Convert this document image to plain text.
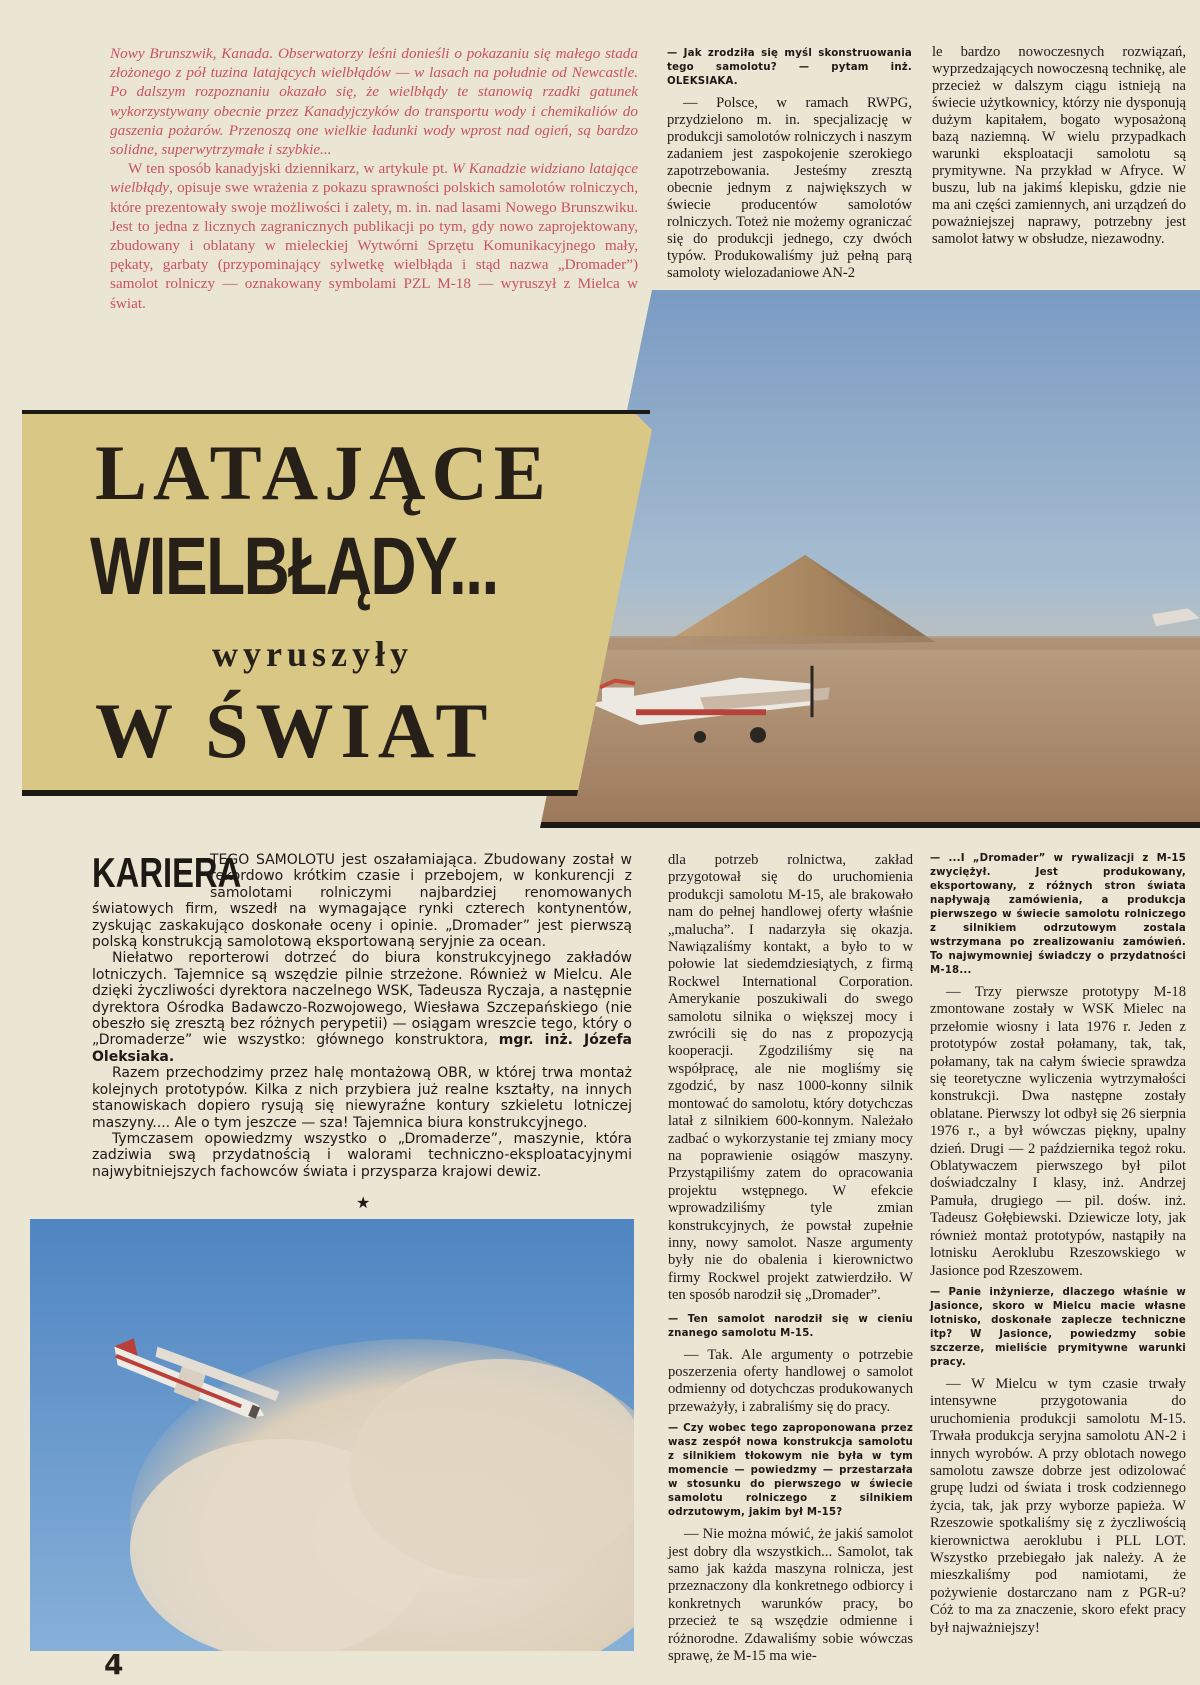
Nowy Brunszwik, Kanada. Obserwatorzy leśni donieśli o pokazaniu się małego stada złożonego z pół tuzina latających wielbłądów — w lasach na południe od Newcastle. Po dalszym rozpoznaniu okazało się, że wielbłądy te stanowią rzadki gatunek wykorzystywany obecnie przez Kanadyjczyków do transportu wody i chemikaliów do gaszenia pożarów. Przenoszą one wielkie ładunki wody wprost nad ogień, są bardzo solidne, superwytrzymałe i szybkie...

W ten sposób kanadyjski dziennikarz, w artykule pt. W Kanadzie widziano latające wielbłądy, opisuje swe wrażenia z pokazu sprawności polskich samolotów rolniczych, które prezentowały swoje możliwości i zalety, m. in. nad lasami Nowego Brunszwiku. Jest to jedna z licznych zagranicznych publikacji po tym, gdy nowo zaprojektowany, zbudowany i oblatany w mieleckiej Wytwórni Sprzętu Komunikacyjnego mały, pękaty, garbaty (przypominający sylwetkę wielbłąda i stąd nazwa „Dromader”) samolot rolniczy — oznakowany symbolami PZL M-18 — wyruszył z Mielca w świat.

— Jak zrodziła się myśl skonstruowania tego samolotu? — pytam inż. OLEKSIAKA.

— Polsce, w ramach RWPG, przydzielono m. in. specjalizację w produkcji samolotów rolniczych i naszym zadaniem jest zaspokojenie szerokiego zapotrzebowania. Jesteśmy zresztą obecnie jednym z największych w świecie producentów samolotów rolniczych. Toteż nie możemy ograniczać się do produkcji jednego, czy dwóch typów. Produkowaliśmy już pełną parą samoloty wielozadaniowe AN-2

le bardzo nowoczesnych rozwiązań, wyprzedzających nowoczesną technikę, ale przecież w dalszym ciągu istnieją na świecie użytkownicy, którzy nie dysponują dużym kapitałem, bogato wyposażoną bazą naziemną. W wielu przypadkach warunki eksploatacji samolotu są prymitywne. Na przykład w Afryce. W buszu, lub na jakimś klepisku, gdzie nie ma ani części zamiennych, ani urządzeń do poważniejszej naprawy, potrzebny jest samolot łatwy w obsłudze, niezawodny.

LATAJĄCE
WIELBŁĄDY...
wyruszyły
W ŚWIAT
KARIERA

TEGO SAMOLOTU jest oszałamiająca. Zbudowany został w rekordowo krótkim czasie i przebojem, w konkurencji z samolotami rolniczymi najbardziej renomowanych światowych firm, wszedł na wymagające rynki czterech kontynentów, zyskując zaskakująco doskonałe oceny i opinie. „Dromader” jest pierwszą polską konstrukcją samolotową eksportowaną seryjnie za ocean.

Niełatwo reporterowi dotrzeć do biura konstrukcyjnego zakładów lotniczych. Tajemnice są wszędzie pilnie strzeżone. Również w Mielcu. Ale dzięki życzliwości dyrektora naczelnego WSK, Tadeusza Ryczaja, a następnie dyrektora Ośrodka Badawczo-Rozwojowego, Wiesława Szczepańskiego (nie obeszło się zresztą bez różnych perypetii) — osiągam wreszcie tego, który o „Dromaderze” wie wszystko: głównego konstruktora, mgr. inż. Józefa Oleksiaka.

Razem przechodzimy przez halę montażową OBR, w której trwa montaż kolejnych prototypów. Kilka z nich przybiera już realne kształty, na innych stanowiskach dopiero rysują się niewyraźne kontury szkieletu lotniczej maszyny.... Ale o tym jeszcze — sza! Tajemnica biura konstrukcyjnego.

Tymczasem opowiedzmy wszystko o „Dromaderze”, maszynie, która zadziwia swą przydatnością i walorami techniczno-eksploatacyjnymi najwybitniejszych fachowców świata i przysparza krajowi dewiz.

★

dla potrzeb rolnictwa, zakład przygotował się do uruchomienia produkcji samolotu M-15, ale brakowało nam do pełnej handlowej oferty właśnie „malucha”. I nadarzyła się okazja. Nawiązaliśmy kontakt, a było to w połowie lat siedemdziesiątych, z firmą Rockwel International Corporation. Amerykanie poszukiwali do swego samolotu silnika o większej mocy i zwrócili się do nas z propozycją kooperacji. Zgodziliśmy się na współpracę, ale nie mogliśmy się zgodzić, by nasz 1000-konny silnik montować do samolotu, który dotychczas latał z silnikiem 600-konnym. Należało zadbać o wykorzystanie tej zmiany mocy na poprawienie osiągów maszyny. Przystąpiliśmy zatem do opracowania projektu wstępnego. W efekcie wprowadziliśmy tyle zmian konstrukcyjnych, że powstał zupełnie inny, nowy samolot. Nasze argumenty były nie do obalenia i kierownictwo firmy Rockwel projekt zatwierdziło. W ten sposób narodził się „Dromader”.

— Ten samolot narodził się w cieniu znanego samolotu M-15.

— Tak. Ale argumenty o potrzebie poszerzenia oferty handlowej o samolot odmienny od dotychczas produkowanych przeważyły, i zabraliśmy się do pracy.

— Czy wobec tego zaproponowana przez wasz zespół nowa konstrukcja samolotu z silnikiem tłokowym nie była w tym momencie — powiedzmy — przestarzała w stosunku do pierwszego w świecie samolotu rolniczego z silnikiem odrzutowym, jakim był M-15?

— Nie można mówić, że jakiś samolot jest dobry dla wszystkich... Samolot, tak samo jak każda maszyna rolnicza, jest przeznaczony dla konkretnego odbiorcy i konkretnych warunków pracy, bo przecież te są wszędzie odmienne i różnorodne. Zdawaliśmy sobie wówczas sprawę, że M-15 ma wie-

— ...I „Dromader” w rywalizacji z M-15 zwyciężył. Jest produkowany, eksportowany, z różnych stron świata napływają zamówienia, a produkcja pierwszego w świecie samolotu rolniczego z silnikiem odrzutowym zostala wstrzymana po zrealizowaniu zamówień. To najwymowniej świadczy o przydatności M-18...

— Trzy pierwsze prototypy M-18 zmontowane zostały w WSK Mielec na przełomie wiosny i lata 1976 r. Jeden z prototypów został połamany, tak, tak, połamany, tak na całym świecie sprawdza się teoretyczne wyliczenia wytrzymałości konstrukcji. Dwa następne zostały oblatane. Pierwszy lot odbył się 26 sierpnia 1976 r., a był wówczas piękny, upalny dzień. Drugi — 2 października tegoż roku. Oblatywaczem pierwszego był pilot doświadczalny I klasy, inż. Andrzej Pamuła, drugiego — pil. dośw. inż. Tadeusz Gołębiewski. Dziewicze loty, jak również montaż prototypów, nastąpiły na lotnisku Aeroklubu Rzeszowskiego w Jasionce pod Rzeszowem.

— Panie inżynierze, dlaczego właśnie w Jasionce, skoro w Mielcu macie własne lotnisko, doskonałe zaplecze techniczne itp? W Jasionce, powiedzmy sobie szczerze, mieliście prymitywne warunki pracy.

— W Mielcu w tym czasie trwały intensywne przygotowania do uruchomienia produkcji samolotu M-15. Trwała produkcja seryjna samolotu AN-2 i innych wyrobów. A przy oblotach nowego samolotu zawsze dobrze jest odizolować grupę ludzi od świata i trosk codziennego życia, tak, jak przy wyborze papieża. W Rzeszowie spotkaliśmy się z życzliwością kierownictwa aeroklubu i PLL LOT. Wszystko przebiegało jak należy. A że mieszkaliśmy pod namiotami, że pożywienie dostarczano nam z PGR-u? Cóż to ma za znaczenie, skoro efekt pracy był najważniejszy!

4
